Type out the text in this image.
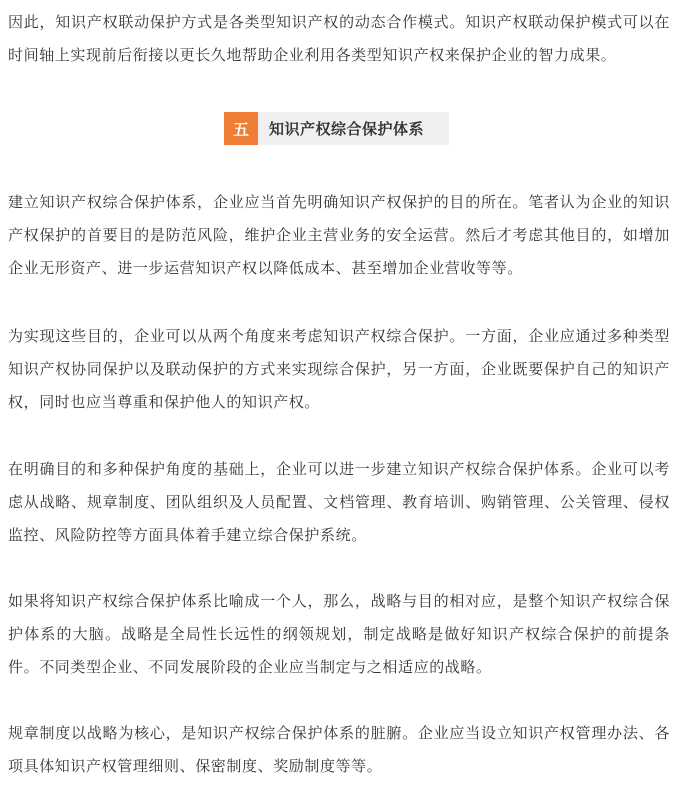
因此，知识产权联动保护方式是各类型知识产权的动态合作模式。知识产权联动保护模式可以在时间轴上实现前后衔接以更长久地帮助企业利用各类型知识产权来保护企业的智力成果。

五	知识产权综合保护体系

建立知识产权综合保护体系，企业应当首先明确知识产权保护的目的所在。笔者认为企业的知识产权保护的首要目的是防范风险，维护企业主营业务的安全运营。然后才考虑其他目的，如增加企业无形资产、进一步运营知识产权以降低成本、甚至增加企业营收等等。

为实现这些目的，企业可以从两个角度来考虑知识产权综合保护。一方面，企业应通过多种类型知识产权协同保护以及联动保护的方式来实现综合保护，另一方面，企业既要保护自己的知识产权，同时也应当尊重和保护他人的知识产权。

在明确目的和多种保护角度的基础上，企业可以进一步建立知识产权综合保护体系。企业可以考虑从战略、规章制度、团队组织及人员配置、文档管理、教育培训、购销管理、公关管理、侵权监控、风险防控等方面具体着手建立综合保护系统。

如果将知识产权综合保护体系比喻成一个人，那么，战略与目的相对应，是整个知识产权综合保护体系的大脑。战略是全局性长远性的纲领规划，制定战略是做好知识产权综合保护的前提条件。不同类型企业、不同发展阶段的企业应当制定与之相适应的战略。

规章制度以战略为核心，是知识产权综合保护体系的脏腑。企业应当设立知识产权管理办法、各项具体知识产权管理细则、保密制度、奖励制度等等。
